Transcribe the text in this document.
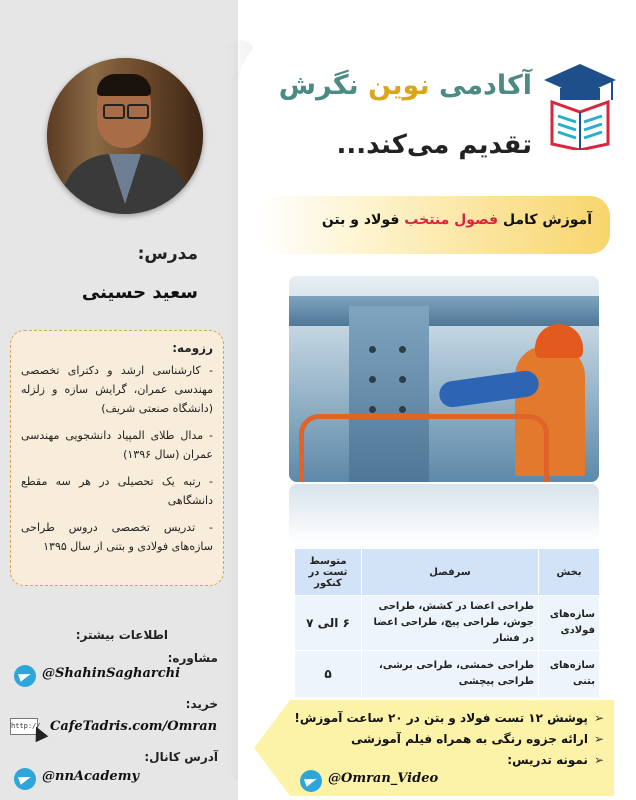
مدرس:
سعید حسینی
رزومه:
- کارشناسی ارشد و دکترای تخصصی مهندسی عمران، گرایش سازه و زلزله (دانشگاه صنعتی شریف)
- مدال طلای المپیاد دانشجویی مهندسی عمران (سال ۱۳۹۶)
- رتبه یک تحصیلی در هر سه مقطع دانشگاهی
- تدریس تخصصی دروس طراحی سازه‌های فولادی و بتنی از سال ۱۳۹۵
اطلاعات بیشتر:
مشاوره:
@ShahinSagharchi
خرید:
http:// CafeTadris.com/Omran
آدرس کانال:
@nnAcademy
آکادمی نوین نگرش
تقدیم می‌کند...
آموزش کامل فصول منتخب فولاد و بتن
بخش	سرفصل	متوسط تست در کنکور
سازه‌های فولادی	طراحی اعضا در کشش، طراحی جوش، طراحی پیچ، طراحی اعضا در فشار	۶ الی ۷
سازه‌های بتنی	طراحی خمشی، طراحی برشی، طراحی پیچشی	۵
➢پوشش ۱۲ تست فولاد و بتن در ۲۰ ساعت آموزش!
➢ارائه جزوه رنگی به همراه فیلم آموزشی
➢نمونه تدریس:
@Omran_Video
